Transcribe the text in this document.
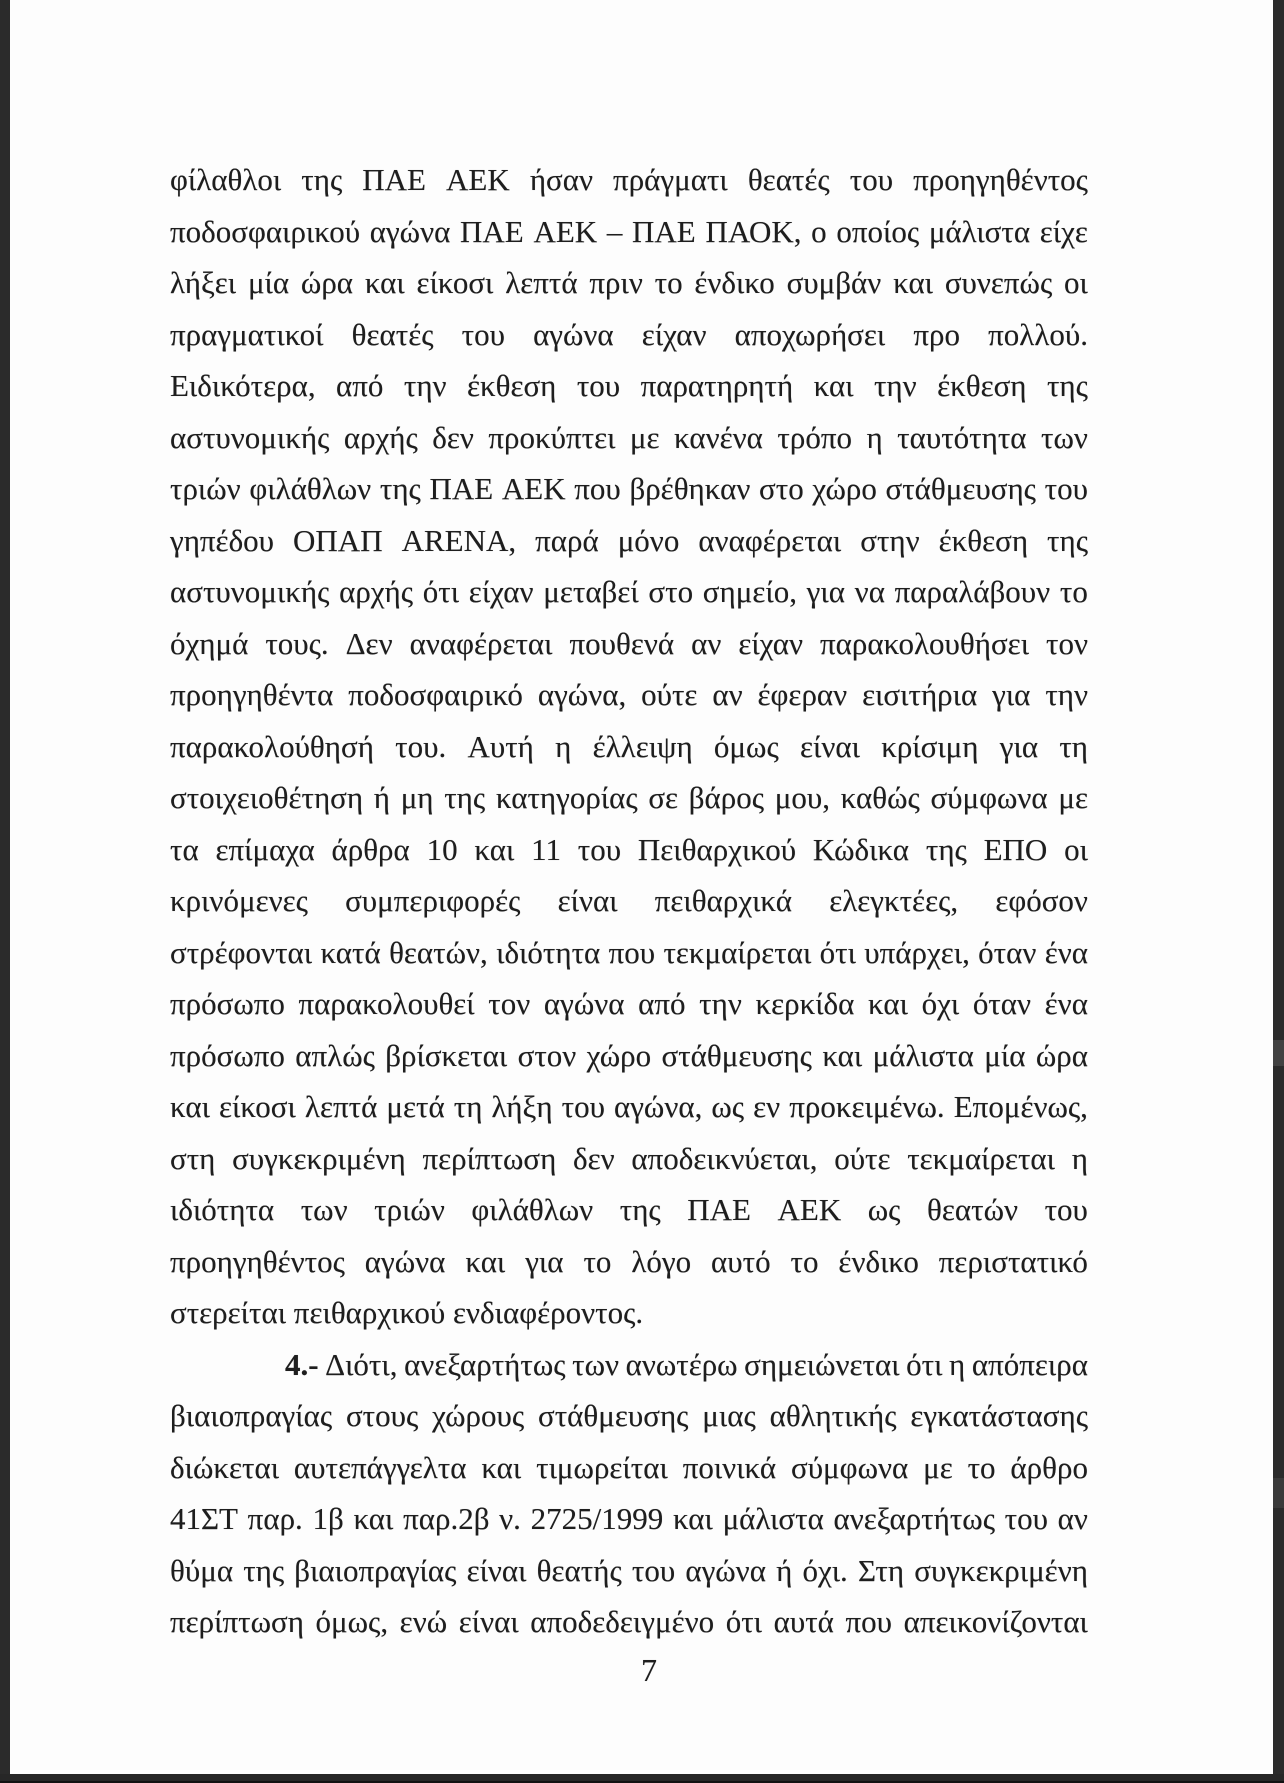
φίλαθλοι της ΠΑΕ ΑΕΚ ήσαν πράγματι θεατές του προηγηθέντος
ποδοσφαιρικού αγώνα ΠΑΕ ΑΕΚ – ΠΑΕ ΠΑΟΚ, ο οποίος μάλιστα είχε
λήξει μία ώρα και είκοσι λεπτά πριν το ένδικο συμβάν και συνεπώς οι
πραγματικοί θεατές του αγώνα είχαν αποχωρήσει προ πολλού.
Ειδικότερα, από την έκθεση του παρατηρητή και την έκθεση της
αστυνομικής αρχής δεν προκύπτει με κανένα τρόπο η ταυτότητα των
τριών φιλάθλων της ΠΑΕ ΑΕΚ που βρέθηκαν στο χώρο στάθμευσης του
γηπέδου ΟΠΑΠ ARENA, παρά μόνο αναφέρεται στην έκθεση της
αστυνομικής αρχής ότι είχαν μεταβεί στο σημείο, για να παραλάβουν το
όχημά τους. Δεν αναφέρεται πουθενά αν είχαν παρακολουθήσει τον
προηγηθέντα ποδοσφαιρικό αγώνα, ούτε αν έφεραν εισιτήρια για την
παρακολούθησή του. Αυτή η έλλειψη όμως είναι κρίσιμη για τη
στοιχειοθέτηση ή μη της κατηγορίας σε βάρος μου, καθώς σύμφωνα με
τα επίμαχα άρθρα 10 και 11 του Πειθαρχικού Κώδικα της ΕΠΟ οι
κρινόμενες συμπεριφορές είναι πειθαρχικά ελεγκτέες, εφόσον
στρέφονται κατά θεατών, ιδιότητα που τεκμαίρεται ότι υπάρχει, όταν ένα
πρόσωπο παρακολουθεί τον αγώνα από την κερκίδα και όχι όταν ένα
πρόσωπο απλώς βρίσκεται στον χώρο στάθμευσης και μάλιστα μία ώρα
και είκοσι λεπτά μετά τη λήξη του αγώνα, ως εν προκειμένω. Επομένως,
στη συγκεκριμένη περίπτωση δεν αποδεικνύεται, ούτε τεκμαίρεται η
ιδιότητα των τριών φιλάθλων της ΠΑΕ ΑΕΚ ως θεατών του
προηγηθέντος αγώνα και για το λόγο αυτό το ένδικο περιστατικό
στερείται πειθαρχικού ενδιαφέροντος.
4.- Διότι, ανεξαρτήτως των ανωτέρω σημειώνεται ότι η απόπειρα
βιαιοπραγίας στους χώρους στάθμευσης μιας αθλητικής εγκατάστασης
διώκεται αυτεπάγγελτα και τιμωρείται ποινικά σύμφωνα με το άρθρο
41ΣΤ παρ. 1β και παρ.2β ν. 2725/1999 και μάλιστα ανεξαρτήτως του αν
θύμα της βιαιοπραγίας είναι θεατής του αγώνα ή όχι. Στη συγκεκριμένη
περίπτωση όμως, ενώ είναι αποδεδειγμένο ότι αυτά που απεικονίζονται
7
